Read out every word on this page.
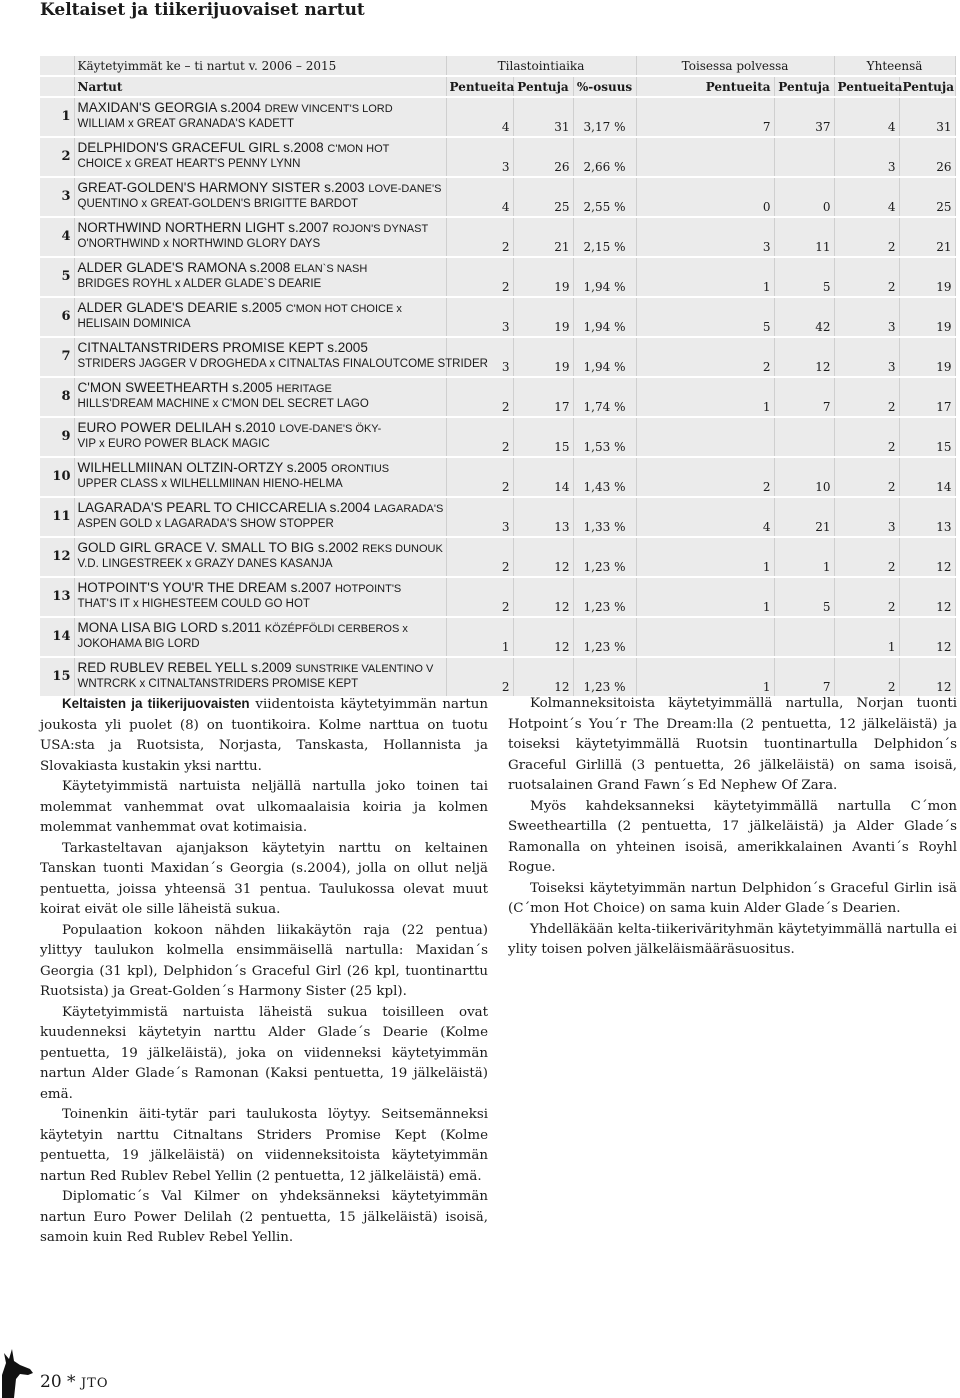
Keltaiset ja tiikerijuovaiset nartut
	Käytetyimmät ke – ti nartut v. 2006 – 2015	Tilastointiaika			Toisessa polvessa		Yhteensä	
	Nartut	Pentueita	Pentuja	%-osuus	Pentueita	Pentuja	Pentueita	Pentuja
1	MAXIDAN'S GEORGIA s.2004 DREW VINCENT'S LORD
WILLIAM x GREAT GRANADA'S KADETT	4	31	3,17 %	7	37	4	31
2	DELPHIDON'S GRACEFUL GIRL s.2008 C'MON HOT
CHOICE x GREAT HEART'S PENNY LYNN	3	26	2,66 %			3	26
3	GREAT-GOLDEN'S HARMONY SISTER s.2003 LOVE-DANE'S
QUENTINO x GREAT-GOLDEN'S BRIGITTE BARDOT	4	25	2,55 %	0	0	4	25
4	NORTHWIND NORTHERN LIGHT s.2007 ROJON'S DYNAST
O'NORTHWIND x NORTHWIND GLORY DAYS	2	21	2,15 %	3	11	2	21
5	ALDER GLADE'S RAMONA s.2008 ELAN`S NASH
BRIDGES ROYHL x ALDER GLADE`S DEARIE	2	19	1,94 %	1	5	2	19
6	ALDER GLADE'S DEARIE s.2005 C'MON HOT CHOICE x
HELISAIN DOMINICA	3	19	1,94 %	5	42	3	19
7	CITNALTANSTRIDERS PROMISE KEPT s.2005
STRIDERS JAGGER V DROGHEDA x CITNALTAS FINALOUTCOME STRIDER	3	19	1,94 %	2	12	3	19
8	C'MON SWEETHEARTH s.2005 HERITAGE
HILLS'DREAM MACHINE x C'MON DEL SECRET LAGO	2	17	1,74 %	1	7	2	17
9	EURO POWER DELILAH s.2010 LOVE-DANE'S ÖKY-
VIP x EURO POWER BLACK MAGIC	2	15	1,53 %			2	15
10	WILHELLMIINAN OLTZIN-ORTZY s.2005 ORONTIUS
UPPER CLASS x WILHELLMIINAN HIENO-HELMA	2	14	1,43 %	2	10	2	14
11	LAGARADA'S PEARL TO CHICCARELIA s.2004 LAGARADA'S
ASPEN GOLD x LAGARADA'S SHOW STOPPER	3	13	1,33 %	4	21	3	13
12	GOLD GIRL GRACE V. SMALL TO BIG s.2002 REKS DUNOUK
V.D. LINGESTREEK x GRAZY DANES KASANJA	2	12	1,23 %	1	1	2	12
13	HOTPOINT'S YOU'R THE DREAM s.2007 HOTPOINT'S
THAT'S IT x HIGHESTEEM COULD GO HOT	2	12	1,23 %	1	5	2	12
14	MONA LISA BIG LORD s.2011 KÖZÉPFÖLDI CERBEROS x
JOKOHAMA BIG LORD	1	12	1,23 %			1	12
15	RED RUBLEV REBEL YELL s.2009 SUNSTRIKE VALENTINO V
WNTRCRK x CITNALTANSTRIDERS PROMISE KEPT	2	12	1,23 %	1	7	2	12

Keltaisten ja tiikerijuovaisten viidentoista käytetyimmän nartun joukosta yli puolet (8) on tuontikoira. Kolme narttua on tuotu USA:sta ja Ruotsista, Norjasta, Tanskasta, Hollannista ja Slovakiasta kustakin yksi narttu.

Käytetyimmistä nartuista neljällä nartulla joko toinen tai molemmat vanhemmat ovat ulkomaalaisia koiria ja kolmen molemmat vanhemmat ovat kotimaisia.

Tarkasteltavan ajanjakson käytetyin narttu on keltainen Tanskan tuonti Maxidan´s Georgia (s.2004), jolla on ollut neljä pentuetta, joissa yhteensä 31 pentua. Taulukossa olevat muut koirat eivät ole sille läheistä sukua.

Populaation kokoon nähden liikakäytön raja (22 pentua) ylittyy taulukon kolmella ensimmäisellä nartulla: Maxidan´s Georgia (31 kpl), Delphidon´s Graceful Girl (26 kpl, tuontinarttu Ruotsista) ja Great-Golden´s Harmony Sister (25 kpl).

Käytetyimmistä nartuista läheistä sukua toisilleen ovat kuudenneksi käytetyin narttu Alder Glade´s Dearie (Kolme pentuetta, 19 jälkeläistä), joka on viidenneksi käytetyimmän nartun Alder Glade´s Ramonan (Kaksi pentuetta, 19 jälkeläistä) emä.

Toinenkin äiti-tytär pari taulukosta löytyy. Seitsemänneksi käytetyin narttu Citnaltans Striders Promise Kept (Kolme pentuetta, 19 jälkeläistä) on viidenneksitoista käytetyimmän nartun Red Rublev Rebel Yellin (2 pentuetta, 12 jälkeläistä) emä.

Diplomatic´s Val Kilmer on yhdeksänneksi käytetyimmän nartun Euro Power Delilah (2 pentuetta, 15 jälkeläistä) isoisä, samoin kuin Red Rublev Rebel Yellin.

Kolmanneksitoista käytetyimmällä nartulla, Norjan tuonti Hotpoint´s You´r The Dream:lla (2 pentuetta, 12 jälkeläistä) ja toiseksi käytetyimmällä Ruotsin tuontinartulla Delphidon´s Graceful Girlillä (3 pentuetta, 26 jälkeläistä) on sama isoisä, ruotsalainen Grand Fawn´s Ed Nephew Of Zara.

Myös kahdeksanneksi käytetyimmällä nartulla C´mon Sweetheartilla (2 pentuetta, 17 jälkeläistä) ja Alder Glade´s Ramonalla on yhteinen isoisä, amerikkalainen Avanti´s Royhl Rogue.

Toiseksi käytetyimmän nartun Delphidon´s Graceful Girlin isä (C´mon Hot Choice) on sama kuin Alder Glade´s Dearien.

Yhdelläkään kelta-tiikerivärityhmän käytetyimmällä nartulla ei ylity toisen polven jälkeläismääräsuositus.

20 * JTO
